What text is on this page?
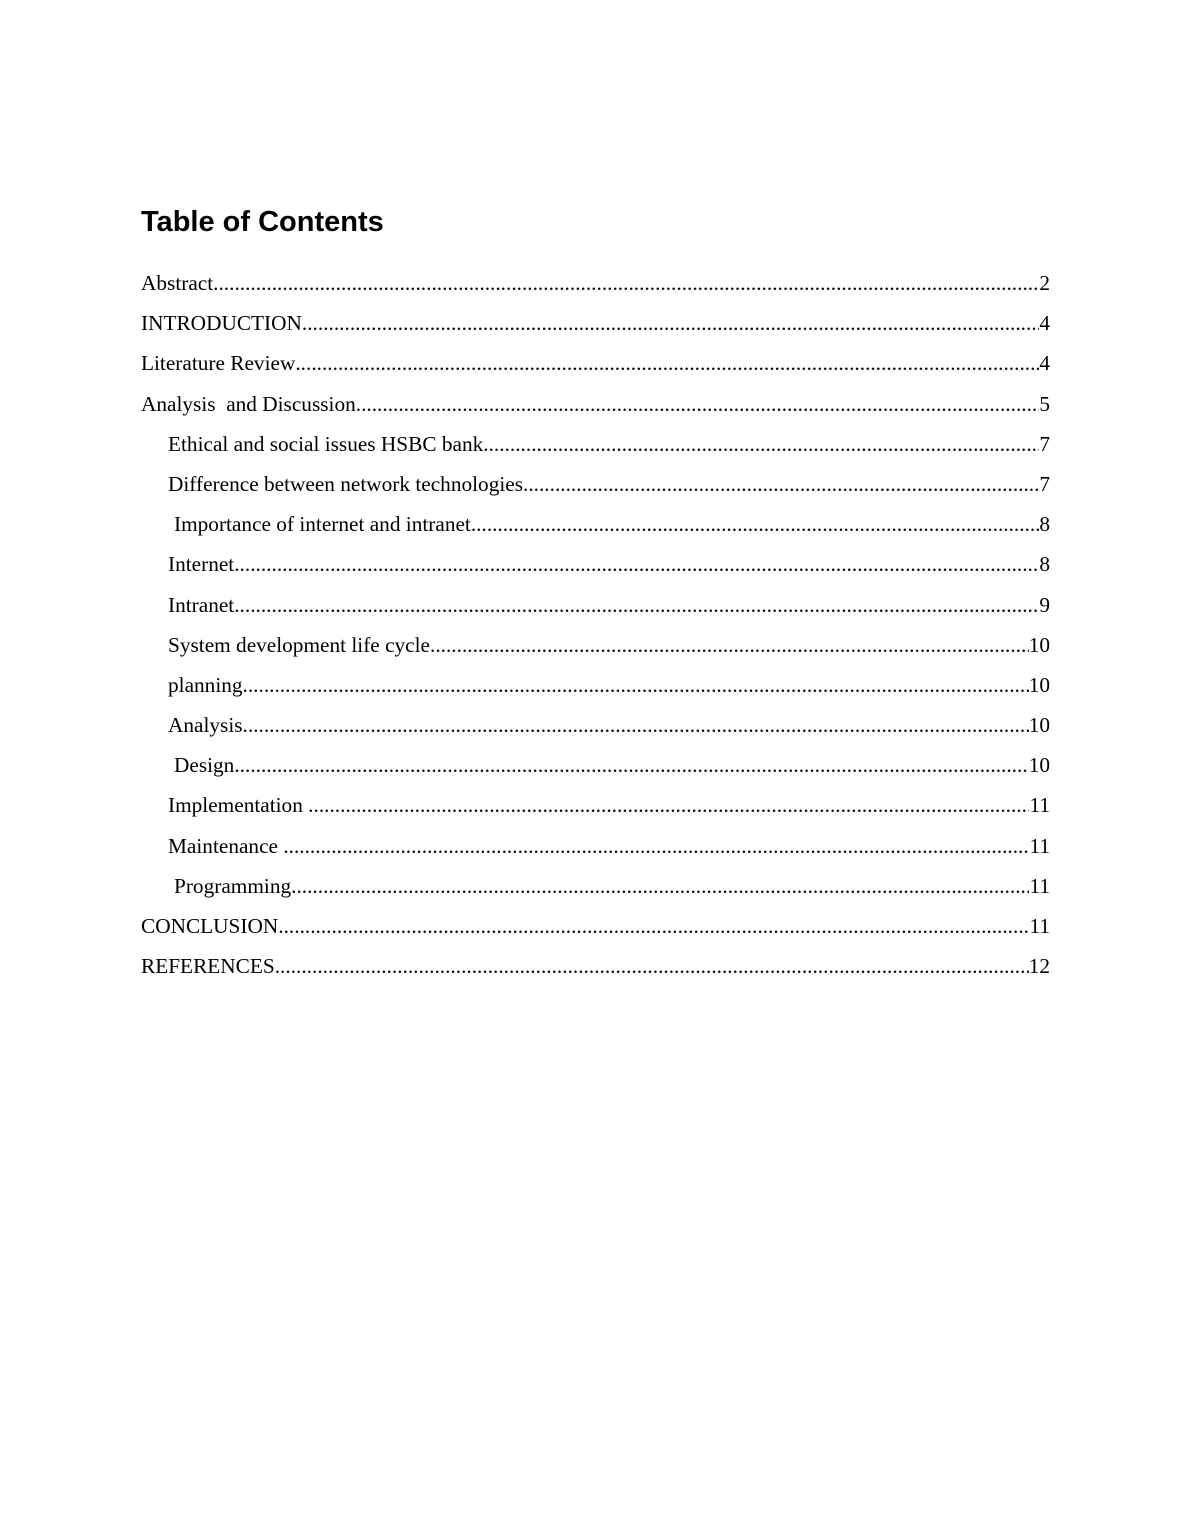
Table of Contents
Abstract .....	2
INTRODUCTION .....	4
Literature Review .....	4
Analysis  and Discussion .....	5
Ethical and social issues HSBC bank .....	7
Difference between network technologies .....	7
Importance of internet and intranet .....	8
Internet .....	8
Intranet .....	9
System development life cycle .....	10
planning .....	10
Analysis .....	10
Design .....	10
Implementation .....	11
Maintenance .....	11
Programming .....	11
CONCLUSION .....	11
REFERENCES .....	12
